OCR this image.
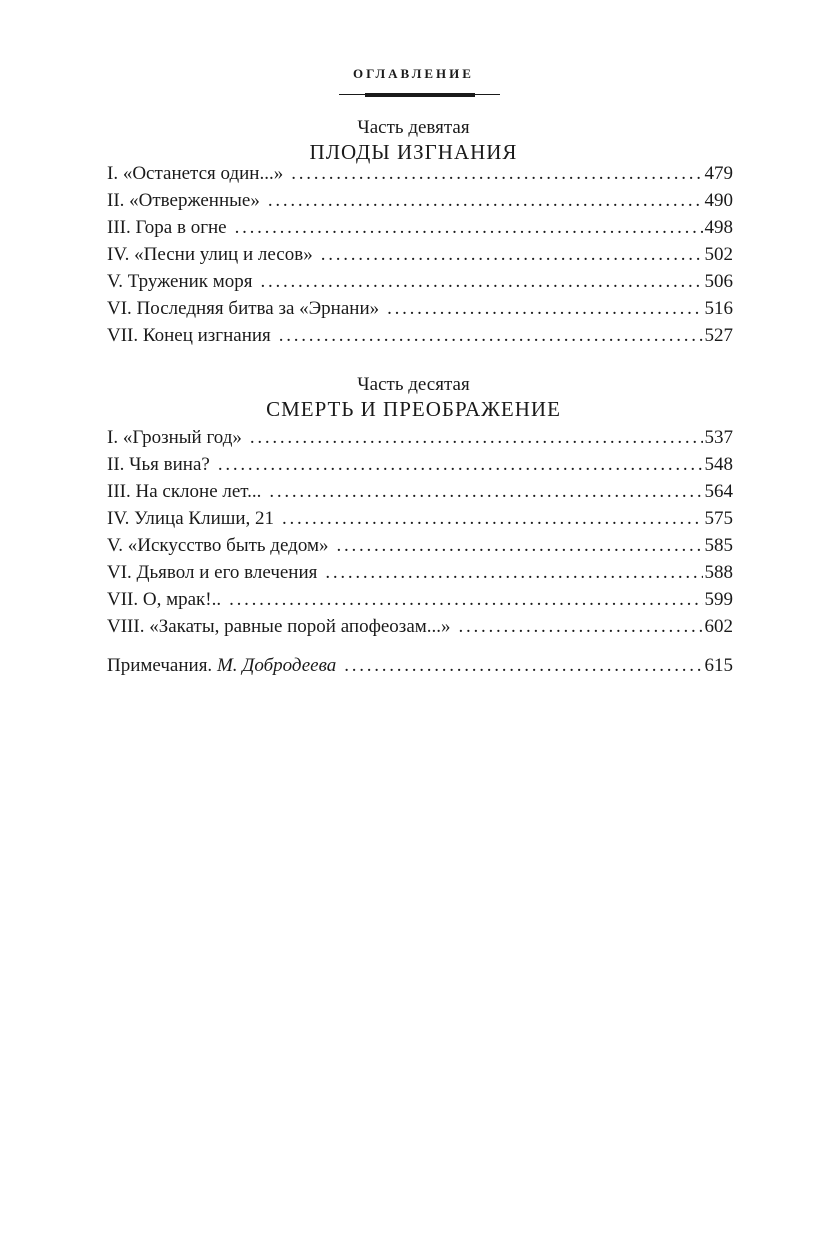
ОГЛАВЛЕНИЕ
Часть девятая
ПЛОДЫ ИЗГНАНИЯ
I. «Останется один...» . . .	479
II. «Отверженные» . . .	490
III. Гора в огне . . .	498
IV. «Песни улиц и лесов» . . .	502
V. Труженик моря . . .	506
VI. Последняя битва за «Эрнани» . . .	516
VII. Конец изгнания . . .	527
Часть десятая
СМЕРТЬ И ПРЕОБРАЖЕНИЕ
I. «Грозный год» . . .	537
II. Чья вина? . . .	548
III. На склоне лет... . . .	564
IV. Улица Клиши, 21 . . .	575
V. «Искусство быть дедом» . . .	585
VI. Дьявол и его влечения . . .	588
VII. О, мрак!.. . . .	599
VIII. «Закаты, равные порой апофеозам...» . . .	602
Примечания. М. Добродеева . . .	615
